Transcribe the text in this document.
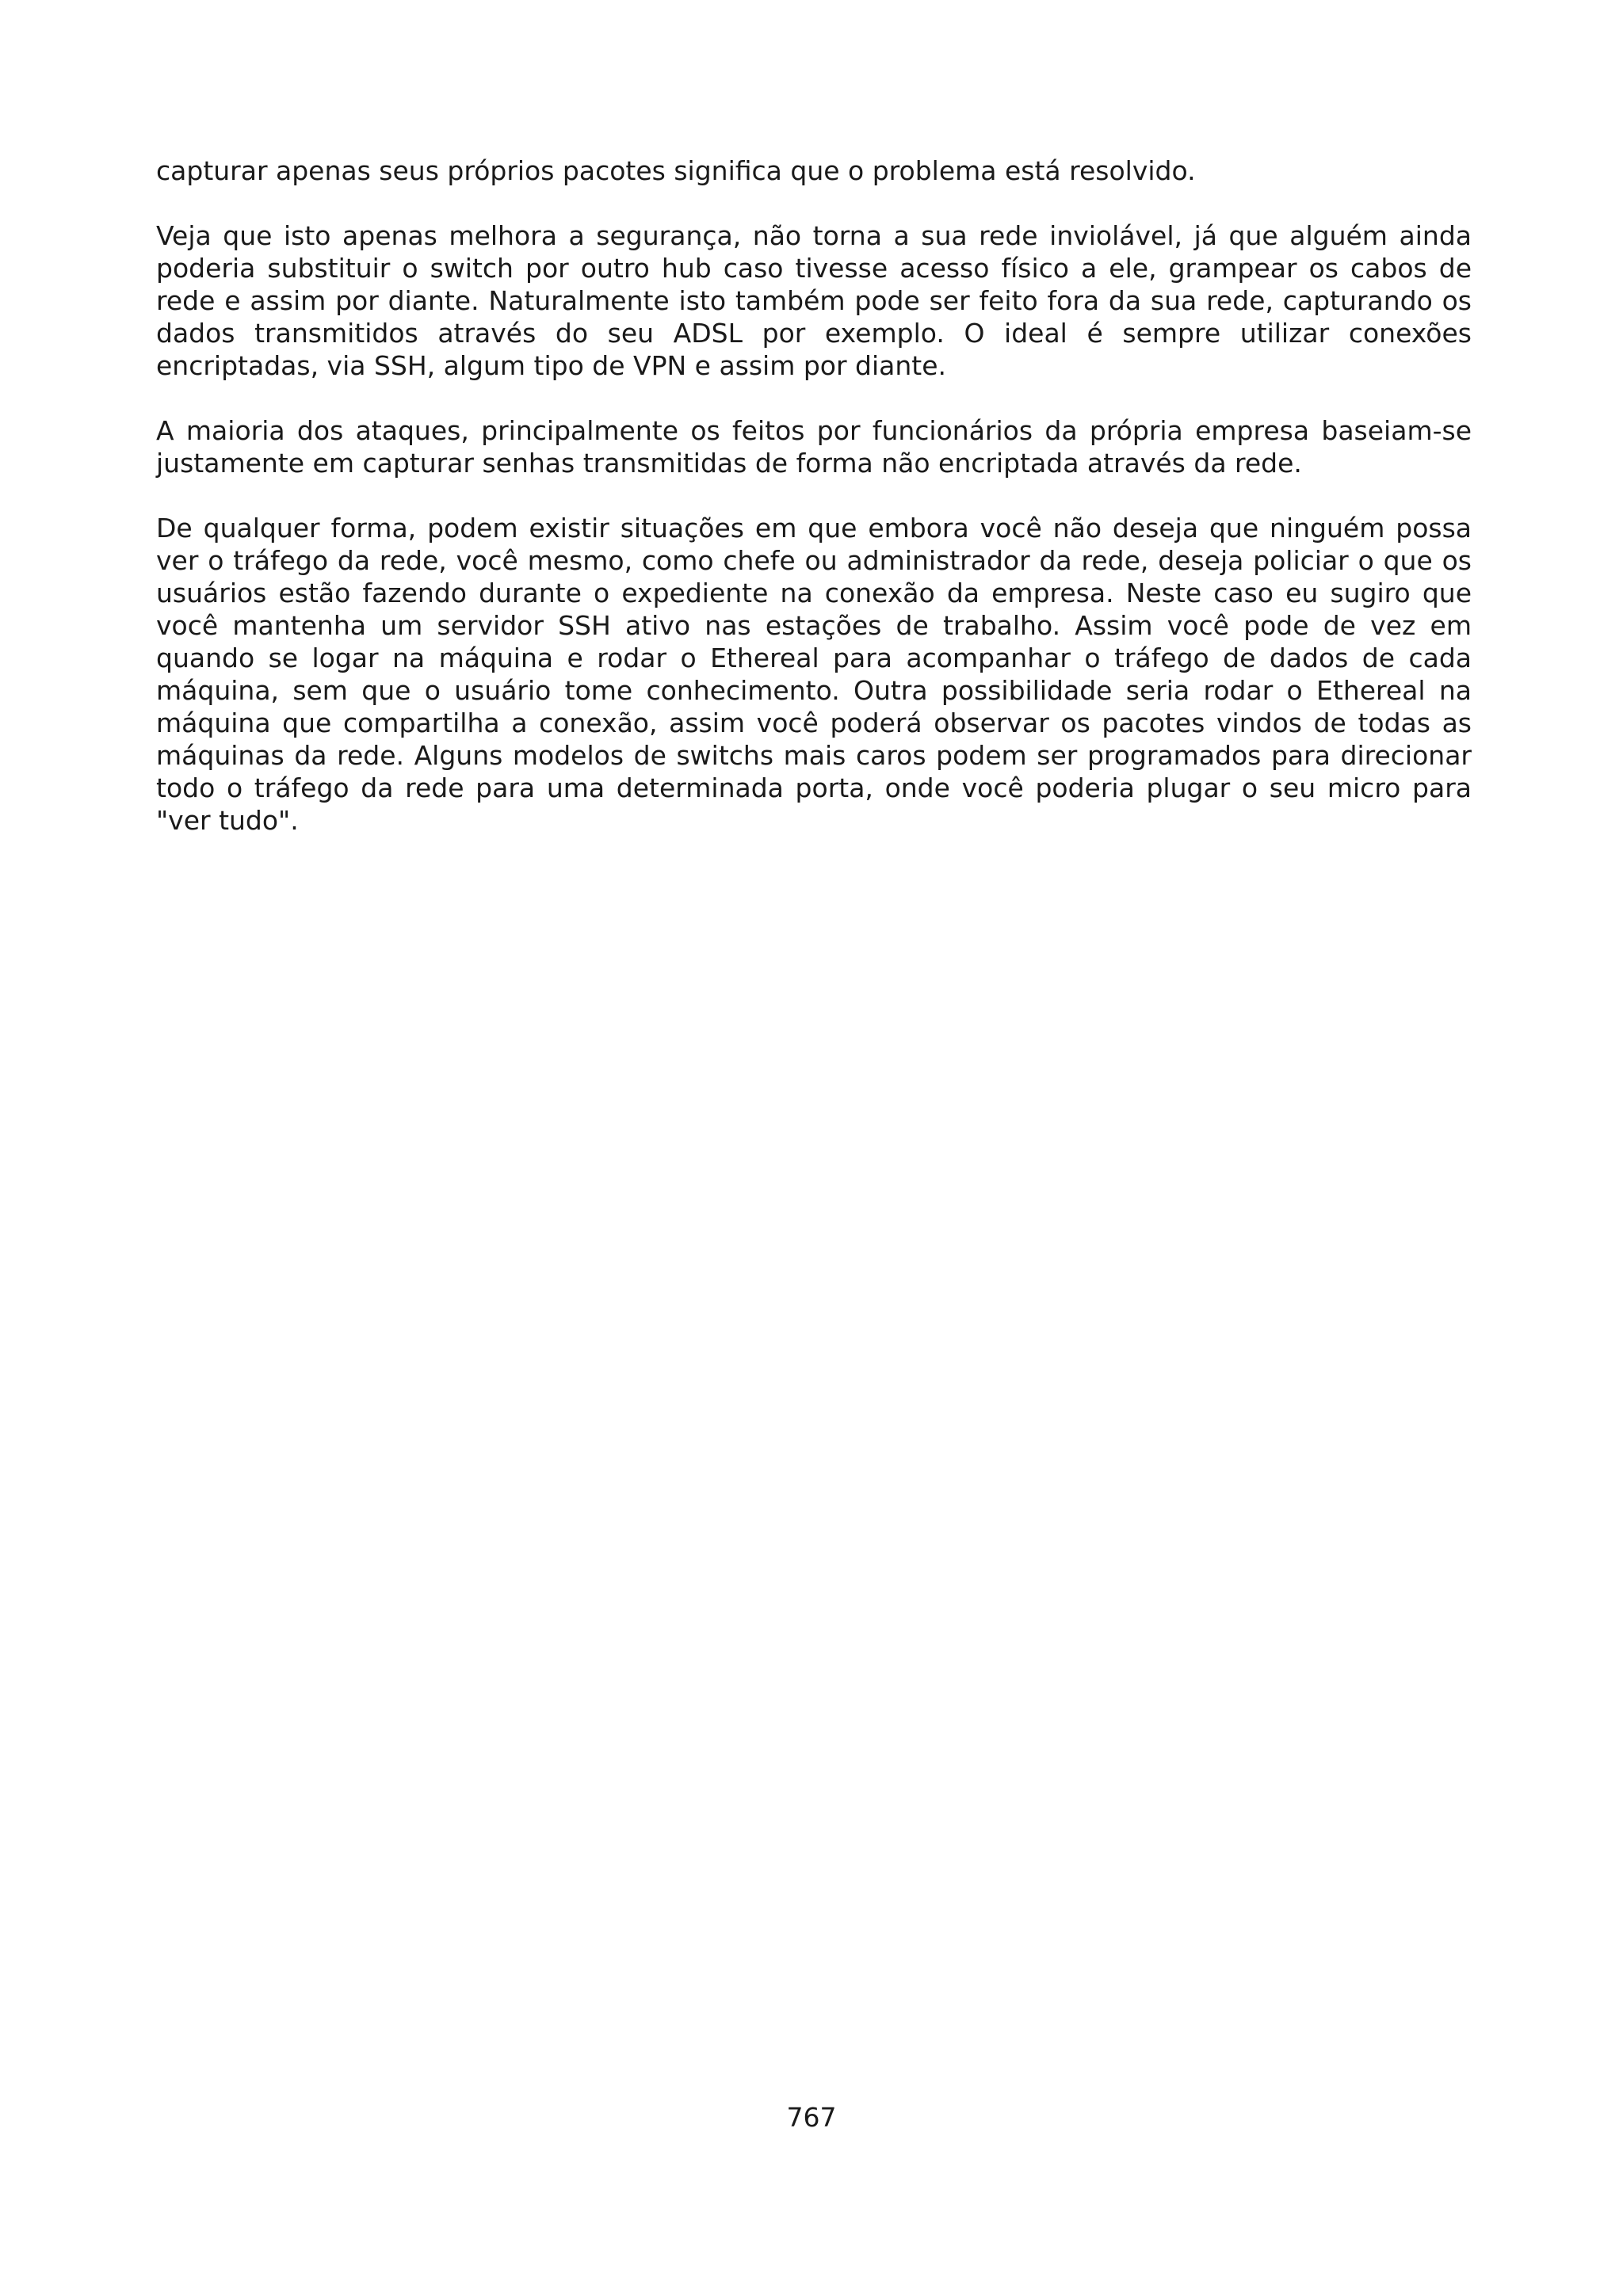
capturar apenas seus próprios pacotes significa que o problema está resolvido.

Veja que isto apenas melhora a segurança, não torna a sua rede inviolável, já que alguém ainda poderia substituir o switch por outro hub caso tivesse acesso físico a ele, grampear os cabos de rede e assim por diante. Naturalmente isto também pode ser feito fora da sua rede, capturando os dados transmitidos através do seu ADSL por exemplo. O ideal é sempre utilizar conexões encriptadas, via SSH, algum tipo de VPN e assim por diante.

A maioria dos ataques, principalmente os feitos por funcionários da própria empresa baseiam-se justamente em capturar senhas transmitidas de forma não encriptada através da rede.

De qualquer forma, podem existir situações em que embora você não deseja que ninguém possa ver o tráfego da rede, você mesmo, como chefe ou administrador da rede, deseja policiar o que os usuários estão fazendo durante o expediente na conexão da empresa. Neste caso eu sugiro que você mantenha um servidor SSH ativo nas estações de trabalho. Assim você pode de vez em quando se logar na máquina e rodar o Ethereal para acompanhar o tráfego de dados de cada máquina, sem que o usuário tome conhecimento. Outra possibilidade seria rodar o Ethereal na máquina que compartilha a conexão, assim você poderá observar os pacotes vindos de todas as máquinas da rede. Alguns modelos de switchs mais caros podem ser programados para direcionar todo o tráfego da rede para uma determinada porta, onde você poderia plugar o seu micro para "ver tudo".

767
